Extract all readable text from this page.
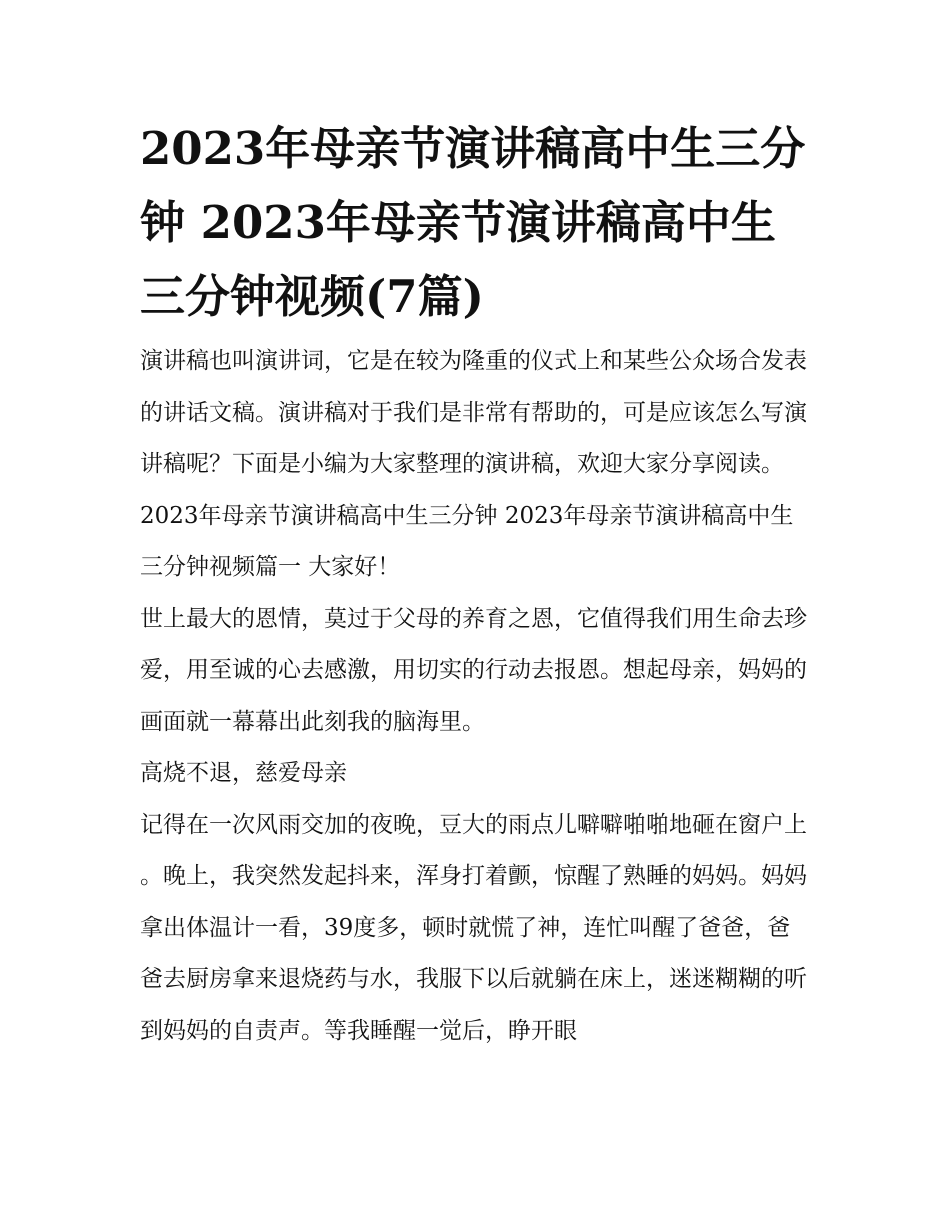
2023年母亲节演讲稿高中生三分钟 2023年母亲节演讲稿高中生三分钟视频(7篇)

演讲稿也叫演讲词，它是在较为隆重的仪式上和某些公众场合发表的讲话文稿。演讲稿对于我们是非常有帮助的，可是应该怎么写演讲稿呢？下面是小编为大家整理的演讲稿，欢迎大家分享阅读。

2023年母亲节演讲稿高中生三分钟 2023年母亲节演讲稿高中生三分钟视频篇一 大家好！

世上最大的恩情，莫过于父母的养育之恩，它值得我们用生命去珍爱，用至诚的心去感激，用切实的行动去报恩。想起母亲，妈妈的画面就一幕幕出此刻我的脑海里。

高烧不退，慈爱母亲

记得在一次风雨交加的夜晚，豆大的雨点儿噼噼啪啪地砸在窗户上。晚上，我突然发起抖来，浑身打着颤，惊醒了熟睡的妈妈。妈妈拿出体温计一看，39度多，顿时就慌了神，连忙叫醒了爸爸，爸爸去厨房拿来退烧药与水，我服下以后就躺在床上，迷迷糊糊的听到妈妈的自责声。等我睡醒一觉后，睁开眼
